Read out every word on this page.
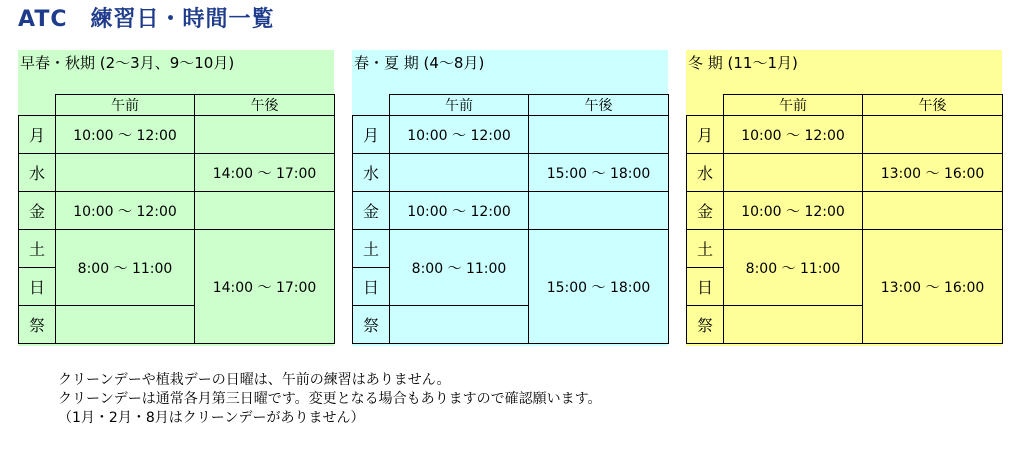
ATC　練習日・時間一覧
早春・秋期 (2～3月、9～10月)
	午前	午後
月	10:00 ～ 12:00	
水		14:00 ～ 17:00
金	10:00 ～ 12:00	
土	8:00 ～ 11:00	14:00 ～ 17:00
日		
祭		
春・夏 期 (4～8月)
	午前	午後
月	10:00 ～ 12:00	
水		15:00 ～ 18:00
金	10:00 ～ 12:00	
土	8:00 ～ 11:00	15:00 ～ 18:00
日		
祭		
冬 期 (11～1月)
	午前	午後
月	10:00 ～ 12:00	
水		13:00 ～ 16:00
金	10:00 ～ 12:00	
土	8:00 ～ 11:00	13:00 ～ 16:00
日		
祭		
クリーンデーや植栽デーの日曜は、午前の練習はありません。
クリーンデーは通常各月第三日曜です。変更となる場合もありますので確認願います。
（1月・2月・8月はクリーンデーがありません）
